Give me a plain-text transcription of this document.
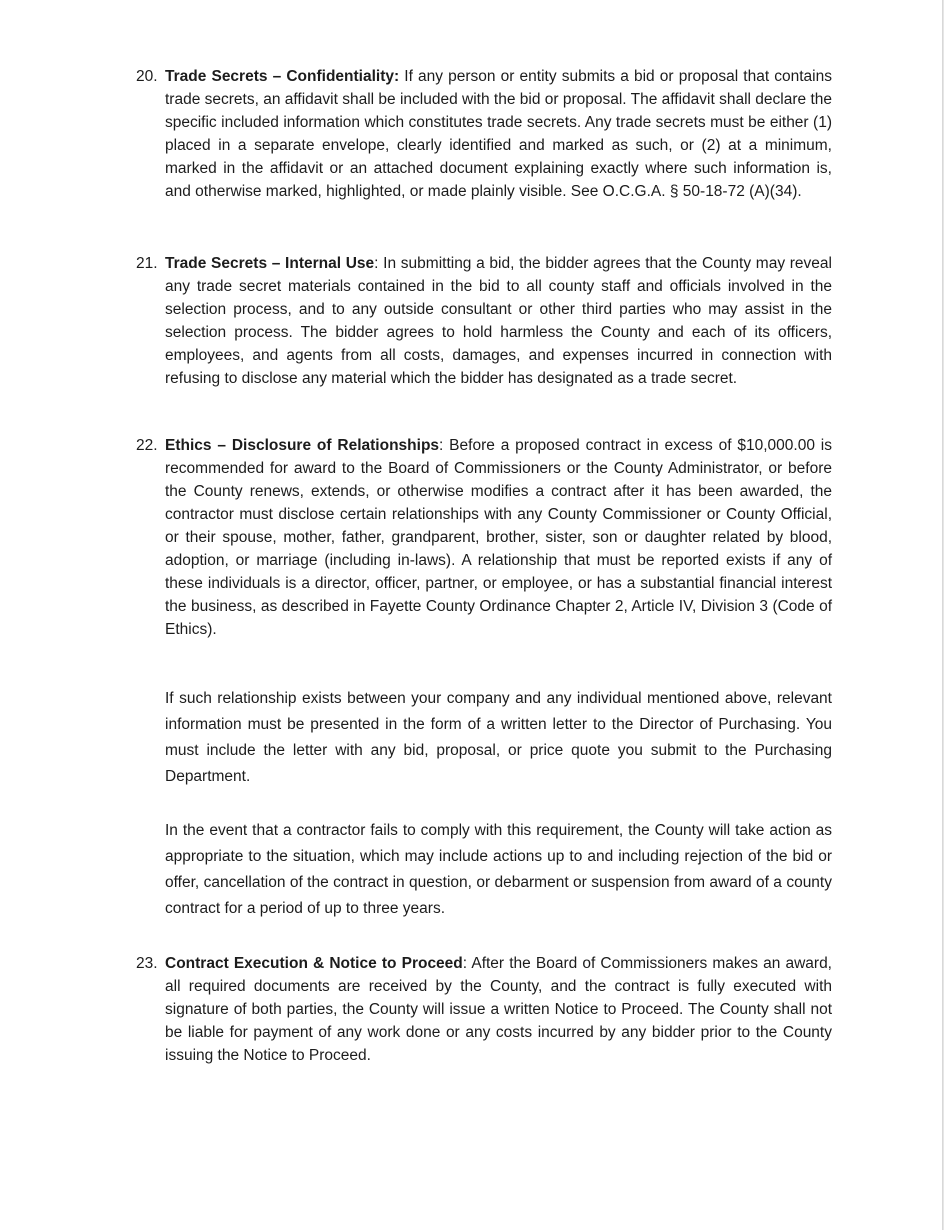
20. Trade Secrets – Confidentiality: If any person or entity submits a bid or proposal that contains trade secrets, an affidavit shall be included with the bid or proposal. The affidavit shall declare the specific included information which constitutes trade secrets. Any trade secrets must be either (1) placed in a separate envelope, clearly identified and marked as such, or (2) at a minimum, marked in the affidavit or an attached document explaining exactly where such information is, and otherwise marked, highlighted, or made plainly visible. See O.C.G.A. § 50-18-72 (A)(34).
21. Trade Secrets – Internal Use: In submitting a bid, the bidder agrees that the County may reveal any trade secret materials contained in the bid to all county staff and officials involved in the selection process, and to any outside consultant or other third parties who may assist in the selection process. The bidder agrees to hold harmless the County and each of its officers, employees, and agents from all costs, damages, and expenses incurred in connection with refusing to disclose any material which the bidder has designated as a trade secret.
22. Ethics – Disclosure of Relationships: Before a proposed contract in excess of $10,000.00 is recommended for award to the Board of Commissioners or the County Administrator, or before the County renews, extends, or otherwise modifies a contract after it has been awarded, the contractor must disclose certain relationships with any County Commissioner or County Official, or their spouse, mother, father, grandparent, brother, sister, son or daughter related by blood, adoption, or marriage (including in-laws). A relationship that must be reported exists if any of these individuals is a director, officer, partner, or employee, or has a substantial financial interest the business, as described in Fayette County Ordinance Chapter 2, Article IV, Division 3 (Code of Ethics).
If such relationship exists between your company and any individual mentioned above, relevant information must be presented in the form of a written letter to the Director of Purchasing. You must include the letter with any bid, proposal, or price quote you submit to the Purchasing Department.
In the event that a contractor fails to comply with this requirement, the County will take action as appropriate to the situation, which may include actions up to and including rejection of the bid or offer, cancellation of the contract in question, or debarment or suspension from award of a county contract for a period of up to three years.
23. Contract Execution & Notice to Proceed: After the Board of Commissioners makes an award, all required documents are received by the County, and the contract is fully executed with signature of both parties, the County will issue a written Notice to Proceed. The County shall not be liable for payment of any work done or any costs incurred by any bidder prior to the County issuing the Notice to Proceed.
